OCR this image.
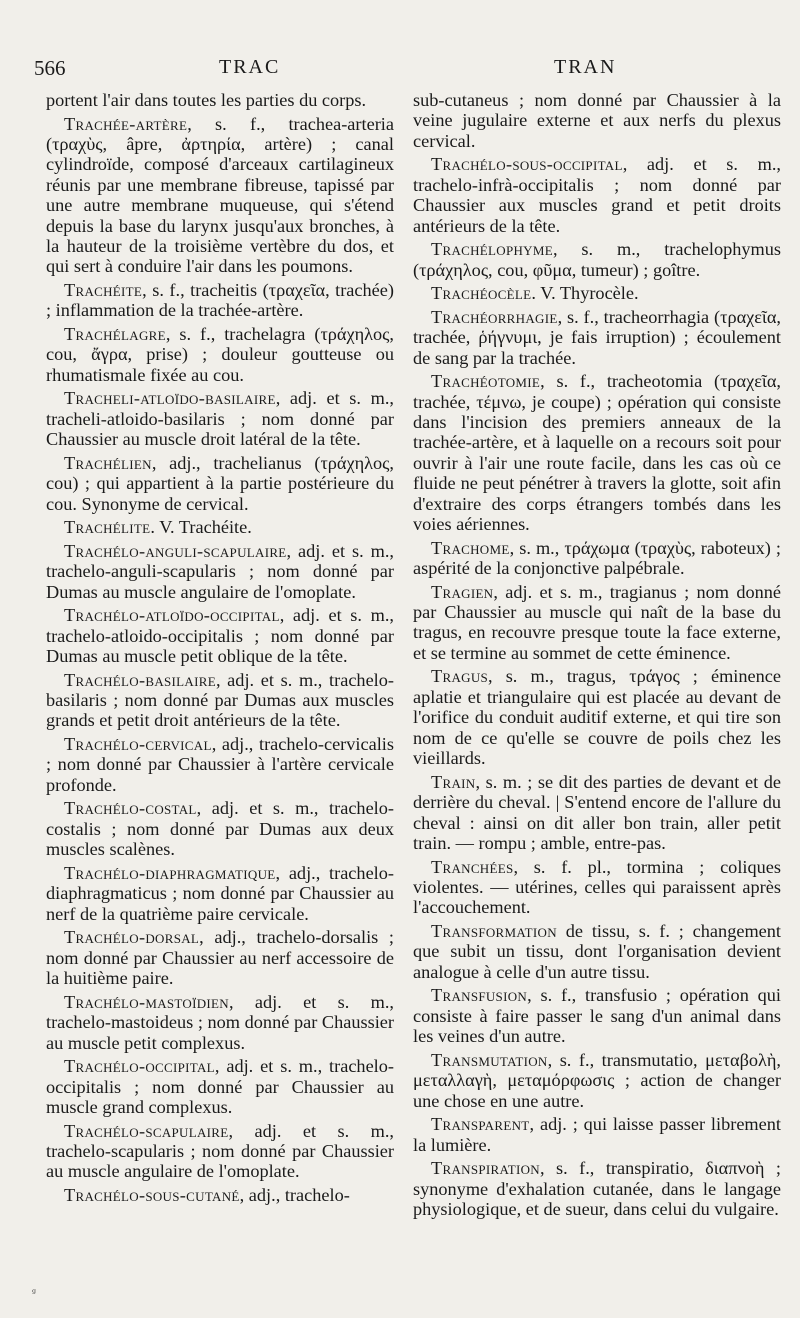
566	TRAC	TRAN

portent l'air dans toutes les parties du corps.

Trachée-artère, s. f., trachea-arteria (τραχὺς, âpre, ἀρτηρία, artère) ; canal cylindroïde, composé d'arceaux cartilagineux réunis par une membrane fibreuse, tapissé par une autre membrane muqueuse, qui s'étend depuis la base du larynx jusqu'aux bronches, à la hauteur de la troisième vertèbre du dos, et qui sert à conduire l'air dans les poumons.

Trachéite, s. f., tracheitis (τραχεῖα, trachée) ; inflammation de la trachée-artère.

Trachélagre, s. f., trachelagra (τράχηλος, cou, ἄγρα, prise) ; douleur goutteuse ou rhumatismale fixée au cou.

Tracheli-atloïdo-basilaire, adj. et s. m., tracheli-atloido-basilaris ; nom donné par Chaussier au muscle droit latéral de la tête.

Trachélien, adj., trachelianus (τράχηλος, cou) ; qui appartient à la partie postérieure du cou. Synonyme de cervical.

Trachélite. V. Trachéite.

Trachélo-anguli-scapulaire, adj. et s. m., trachelo-anguli-scapularis ; nom donné par Dumas au muscle angulaire de l'omoplate.

Trachélo-atloïdo-occipital, adj. et s. m., trachelo-atloido-occipitalis ; nom donné par Dumas au muscle petit oblique de la tête.

Trachélo-basilaire, adj. et s. m., trachelo-basilaris ; nom donné par Dumas aux muscles grands et petit droit antérieurs de la tête.

Trachélo-cervical, adj., trachelo-cervicalis ; nom donné par Chaussier à l'artère cervicale profonde.

Trachélo-costal, adj. et s. m., trachelo-costalis ; nom donné par Dumas aux deux muscles scalènes.

Trachélo-diaphragmatique, adj., trachelo-diaphragmaticus ; nom donné par Chaussier au nerf de la quatrième paire cervicale.

Trachélo-dorsal, adj., trachelo-dorsalis ; nom donné par Chaussier au nerf accessoire de la huitième paire.

Trachélo-mastoïdien, adj. et s. m., trachelo-mastoideus ; nom donné par Chaussier au muscle petit complexus.

Trachélo-occipital, adj. et s. m., trachelo-occipitalis ; nom donné par Chaussier au muscle grand complexus.

Trachélo-scapulaire, adj. et s. m., trachelo-scapularis ; nom donné par Chaussier au muscle angulaire de l'omoplate.

Trachélo-sous-cutané, adj., trachelo-

sub-cutaneus ; nom donné par Chaussier à la veine jugulaire externe et aux nerfs du plexus cervical.

Trachélo-sous-occipital, adj. et s. m., trachelo-infrà-occipitalis ; nom donné par Chaussier aux muscles grand et petit droits antérieurs de la tête.

Trachélophyme, s. m., trachelophymus (τράχηλος, cou, φῦμα, tumeur) ; goître.

Trachéocèle. V. Thyrocèle.

Trachéorrhagie, s. f., tracheorrhagia (τραχεῖα, trachée, ῥήγνυμι, je fais irruption) ; écoulement de sang par la trachée.

Trachéotomie, s. f., tracheotomia (τραχεῖα, trachée, τέμνω, je coupe) ; opération qui consiste dans l'incision des premiers anneaux de la trachée-artère, et à laquelle on a recours soit pour ouvrir à l'air une route facile, dans les cas où ce fluide ne peut pénétrer à travers la glotte, soit afin d'extraire des corps étrangers tombés dans les voies aériennes.

Trachome, s. m., τράχωμα (τραχὺς, raboteux) ; aspérité de la conjonctive palpébrale.

Tragien, adj. et s. m., tragianus ; nom donné par Chaussier au muscle qui naît de la base du tragus, en recouvre presque toute la face externe, et se termine au sommet de cette éminence.

Tragus, s. m., tragus, τράγος ; éminence aplatie et triangulaire qui est placée au devant de l'orifice du conduit auditif externe, et qui tire son nom de ce qu'elle se couvre de poils chez les vieillards.

Train, s. m. ; se dit des parties de devant et de derrière du cheval. | S'entend encore de l'allure du cheval : ainsi on dit aller bon train, aller petit train. — rompu ; amble, entre-pas.

Tranchées, s. f. pl., tormina ; coliques violentes. — utérines, celles qui paraissent après l'accouchement.

Transformation de tissu, s. f. ; changement que subit un tissu, dont l'organisation devient analogue à celle d'un autre tissu.

Transfusion, s. f., transfusio ; opération qui consiste à faire passer le sang d'un animal dans les veines d'un autre.

Transmutation, s. f., transmutatio, μεταβολὴ, μεταλλαγὴ, μεταμόρφωσις ; action de changer une chose en une autre.

Transparent, adj. ; qui laisse passer librement la lumière.

Transpiration, s. f., transpiratio, διαπνοὴ ; synonyme d'exhalation cutanée, dans le langage physiologique, et de sueur, dans celui du vulgaire.

ᵍ
